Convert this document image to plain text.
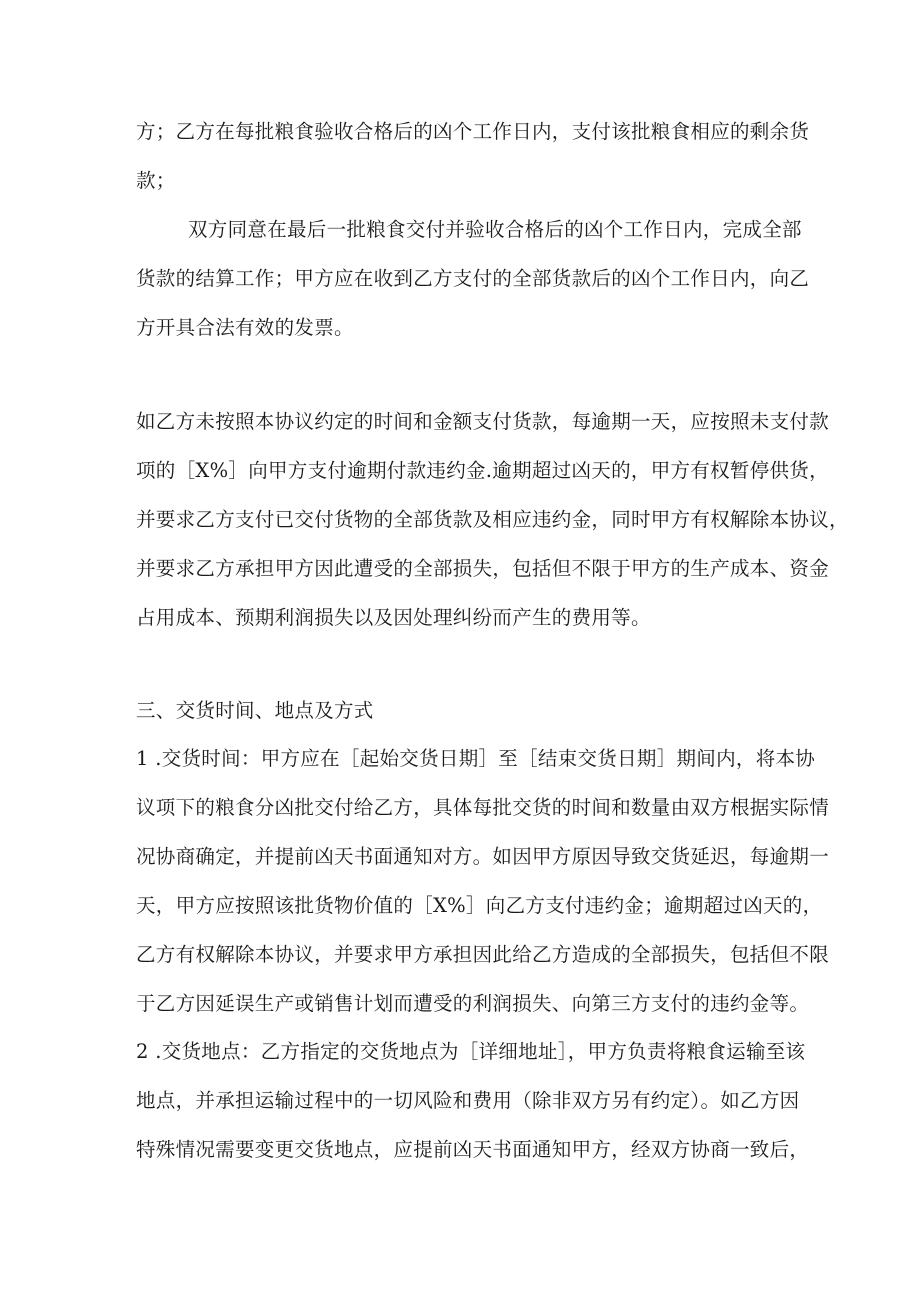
方；乙方在每批粮食验收合格后的凶个工作日内，支付该批粮食相应的剩余货
款；
双方同意在最后一批粮食交付并验收合格后的凶个工作日内，完成全部
货款的结算工作；甲方应在收到乙方支付的全部货款后的凶个工作日内，向乙
方开具合法有效的发票。
如乙方未按照本协议约定的时间和金额支付货款，每逾期一天，应按照未支付款
项的［X%］向甲方支付逾期付款违约金.逾期超过凶天的，甲方有权暂停供货，
并要求乙方支付已交付货物的全部货款及相应违约金，同时甲方有权解除本协议，
并要求乙方承担甲方因此遭受的全部损失，包括但不限于甲方的生产成本、资金
占用成本、预期利润损失以及因处理纠纷而产生的费用等。
三、交货时间、地点及方式
1 .交货时间：甲方应在［起始交货日期］至［结束交货日期］期间内，将本协
议项下的粮食分凶批交付给乙方，具体每批交货的时间和数量由双方根据实际情
况协商确定，并提前凶天书面通知对方。如因甲方原因导致交货延迟，每逾期一
天，甲方应按照该批货物价值的［X%］向乙方支付违约金；逾期超过凶天的，
乙方有权解除本协议，并要求甲方承担因此给乙方造成的全部损失，包括但不限
于乙方因延误生产或销售计划而遭受的利润损失、向第三方支付的违约金等。
2 .交货地点：乙方指定的交货地点为［详细地址］，甲方负责将粮食运输至该
地点，并承担运输过程中的一切风险和费用（除非双方另有约定）。如乙方因
特殊情况需要变更交货地点，应提前凶天书面通知甲方，经双方协商一致后，
